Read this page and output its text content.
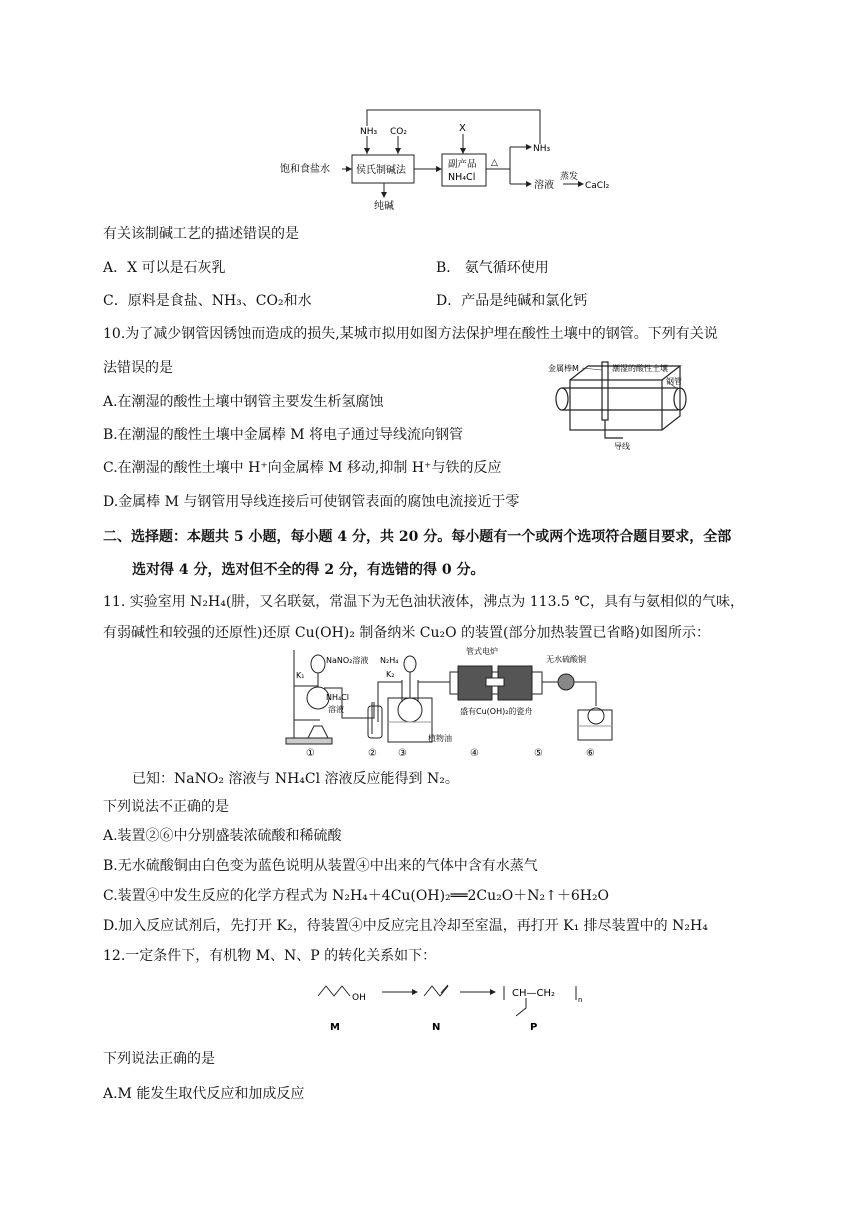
NH₃ CO₂
饱和食盐水	侯氏制碱法
纯碱
X
副产品
NH₄Cl
△
NH₃
溶液
蒸发
CaCl₂
有关该制碱工艺的描述错误的是
A．X 可以是石灰乳	B． 氨气循环使用
C．原料是食盐、NH₃、CO₂和水	D．产品是纯碱和氯化钙
10.为了减少钢管因锈蚀而造成的损失,某城市拟用如图方法保护埋在酸性土壤中的钢管。下列有关说
法错误的是
A.在潮湿的酸性土壤中钢管主要发生析氢腐蚀
B.在潮湿的酸性土壤中金属棒 M 将电子通过导线流向钢管
C.在潮湿的酸性土壤中 H⁺向金属棒 M 移动,抑制 H⁺与铁的反应
D.金属棒 M 与钢管用导线连接后可使钢管表面的腐蚀电流接近于零
金属棒M	潮湿的酸性土壤
钢管
导线
二、选择题：本题共 5 小题，每小题 4 分，共 20 分。每小题有一个或两个选项符合题目要求，全部
选对得 4 分，选对但不全的得 2 分，有选错的得 0 分。
11. 实验室用 N₂H₄(肼，又名联氨，常温下为无色油状液体，沸点为 113.5 ℃，具有与氨相似的气味，
有弱碱性和较强的还原性)还原 Cu(OH)₂ 制备纳米 Cu₂O 的装置(部分加热装置已省略)如图所示：
NaNO₂溶液 N₂H₄
K₁	K₂
NH₄Cl
溶液
管式电炉
无水硫酸铜
盛有Cu(OH)₂的瓷舟
植物油
①	② ③	④	⑤	⑥
已知：NaNO₂ 溶液与 NH₄Cl 溶液反应能得到 N₂。
下列说法不正确的是
A.装置②⑥中分别盛装浓硫酸和稀硫酸
B.无水硫酸铜由白色变为蓝色说明从装置④中出来的气体中含有水蒸气
C.装置④中发生反应的化学方程式为 N₂H₄＋4Cu(OH)₂══2Cu₂O＋N₂↑＋6H₂O
D.加入反应试剂后，先打开 K₂，待装置④中反应完且冷却至室温，再打开 K₁ 排尽装置中的 N₂H₄
12.一定条件下，有机物 M、N、P 的转化关系如下：
OH	CH—CH₂
n
M	N	P
下列说法正确的是
A.M 能发生取代反应和加成反应
